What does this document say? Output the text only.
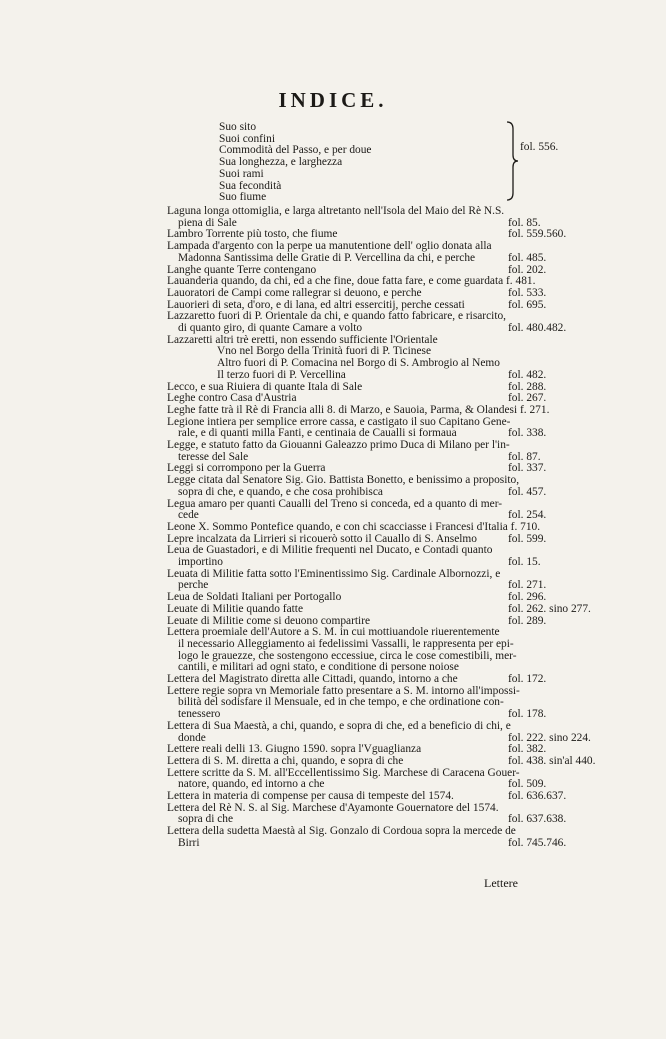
INDICE.
Suo sito
Suoi confini
Commodità del Passo, e per doue
Sua longhezza, e larghezza
Suoi rami
Sua fecondità
Suo fiume
fol. 556.
Laguna longa ottomiglia, e larga altretanto nell'Isola del Maio del Rè N.S.
piena di Sale	fol. 85.
Lambro Torrente più tosto, che fiume	fol. 559.560.
Lampada d'argento con la perpe ua manutentione dell' oglio donata alla
Madonna Santissima delle Gratie di P. Vercellina da chi, e perche	fol. 485.
Langhe quante Terre contengano	fol. 202.
Lauanderia quando, da chi, ed a che fine, doue fatta fare, e come guardata f. 481.
Lauoratori de Campi come rallegrar si deuono, e perche	fol. 533.
Lauorieri di seta, d'oro, e di lana, ed altri essercitij, perche cessati	fol. 695.
Lazzaretto fuori di P. Orientale da chi, e quando fatto fabricare, e risarcito,
di quanto giro, di quante Camare a volto	fol. 480.482.
Lazzaretti altri trè eretti, non essendo sufficiente l'Orientale
Vno nel Borgo della Trinità fuori di P. Ticinese
Altro fuori di P. Comacina nel Borgo di S. Ambrogio al Nemo
Il terzo fuori di P. Vercellina	fol. 482.
Lecco, e sua Riuiera di quante Itala di Sale	fol. 288.
Leghe contro Casa d'Austria	fol. 267.
Leghe fatte trà il Rè di Francia alli 8. di Marzo, e Sauoia, Parma, & Olandesi f. 271.
Legione intiera per semplice errore cassa, e castigato il suo Capitano Gene-
rale, e di quanti milla Fanti, e centinaia de Caualli si formaua	fol. 338.
Legge, e statuto fatto da Giouanni Galeazzo primo Duca di Milano per l'in-
teresse del Sale	fol. 87.
Leggi si corrompono per la Guerra	fol. 337.
Legge citata dal Senatore Sig. Gio. Battista Bonetto, e benissimo a proposito,
sopra di che, e quando, e che cosa prohibisca	fol. 457.
Legua amaro per quanti Caualli del Treno si conceda, ed a quanto di mer-
cede	fol. 254.
Leone X. Sommo Pontefice quando, e con chi scacciasse i Francesi d'Italia f. 710.
Lepre incalzata da Lirrieri si ricouerò sotto il Cauallo di S. Anselmo	fol. 599.
Leua de Guastadori, e di Militie frequenti nel Ducato, e Contadi quanto
importino	fol. 15.
Leuata di Militie fatta sotto l'Eminentissimo Sig. Cardinale Albornozzi, e
perche	fol. 271.
Leua de Soldati Italiani per Portogallo	fol. 296.
Leuate di Militie quando fatte	fol. 262. sino 277.
Leuate di Militie come si deuono compartire	fol. 289.
Lettera proemiale dell'Autore a S. M. in cui mottiuandole riuerentemente
il necessario Alleggiamento ai fedelissimi Vassalli, le rappresenta per epi-
logo le grauezze, che sostengono eccessiue, circa le cose comestibili, mer-
cantili, e militari ad ogni stato, e conditione di persone noiose
Lettera del Magistrato diretta alle Cittadi, quando, intorno a che	fol. 172.
Lettere regie sopra vn Memoriale fatto presentare a S. M. intorno all'impossi-
bilità del sodisfare il Mensuale, ed in che tempo, e che ordinatione con-
tenessero	fol. 178.
Lettera di Sua Maestà, a chi, quando, e sopra di che, ed a beneficio di chi, e
donde	fol. 222. sino 224.
Lettere reali delli 13. Giugno 1590. sopra l'Vguaglianza	fol. 382.
Lettera di S. M. diretta a chi, quando, e sopra di che	fol. 438. sin'al 440.
Lettere scritte da S. M. all'Eccellentissimo Sig. Marchese di Caracena Gouer-
natore, quando, ed intorno a che	fol. 509.
Lettera in materia di compense per causa di tempeste del 1574.	fol. 636.637.
Lettera del Rè N. S. al Sig. Marchese d'Ayamonte Gouernatore del 1574.
sopra di che	fol. 637.638.
Lettera della sudetta Maestà al Sig. Gonzalo di Cordoua sopra la mercede de
Birri	fol. 745.746.
Lettere
